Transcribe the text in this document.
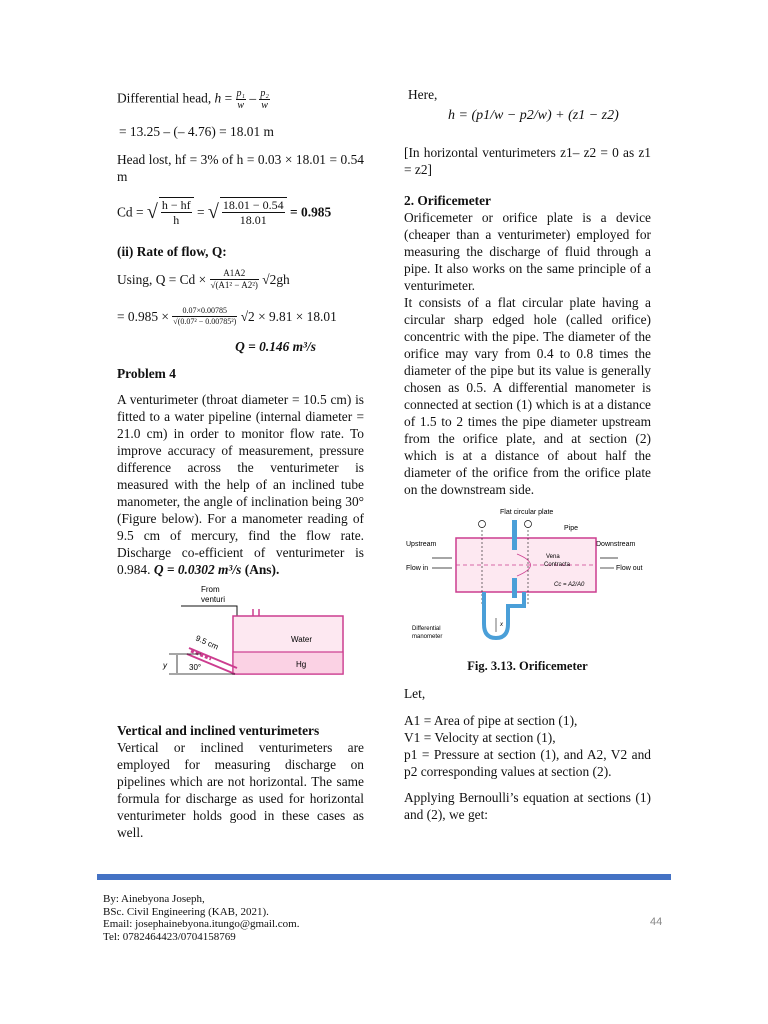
Differential head, $h = \frac{\text{p₁}}{w} - \frac{\text{p₂}}{w}$
= 13.25 – (– 4.76) = 18.01 m
Head lost, hf = 3% of h = 0.03 × 18.01 = 0.54 m
Cd = √ $\frac{h - hf}{h}$ = √ $\frac{18.01 - 0.54}{18.01} = 0.985$
(ii) Rate of flow, Q:
Using, $Q = Cd \times \frac{A1A2}{\text{√(A1² − A2²)}} √2gh$
= $0.985 \times \frac{0.07\times 0.00785}{\text{√(0.07² − 0.00785²)}} √2 \times 9.81 \times 18.01$
Q = 0.146 m³/s
Problem 4
A venturimeter (throat diameter = 10.5 cm) is fitted to a water pipeline (internal diameter = 21.0 cm) in order to monitor flow rate. To improve accuracy of measurement, pressure difference across the venturimeter is measured with the help of an inclined tube manometer, the angle of inclination being 30° (Figure below). For a manometer reading of 9.5 cm of mercury, find the flow rate. Discharge co-efficient of venturimeter is 0.984. Q = 0.0302 m³/s (Ans).
From
venturi
Water
Hg
9.5 cm
y	30°
Vertical and inclined venturimeters
Vertical or inclined venturimeters are employed for measuring discharge on pipelines which are not horizontal. The same formula for discharge as used for horizontal venturimeter holds good in these cases as well.
Here,
h = (p1/w − p2/w) + (z1 − z2)
[In horizontal venturimeters z1– z2 = 0 as z1 = z2]
2. Orificemeter
Orificemeter or orifice plate is a device (cheaper than a venturimeter) employed for measuring the discharge of fluid through a pipe. It also works on the same principle of a venturimeter.
It consists of a flat circular plate having a circular sharp edged hole (called orifice) concentric with the pipe. The diameter of the orifice may vary from 0.4 to 0.8 times the diameter of the pipe but its value is generally chosen as 0.5. A differential manometer is connected at section (1) which is at a distance of 1.5 to 2 times the pipe diameter upstream from the orifice plate, and at section (2) which is at a distance of about half the diameter of the orifice from the orifice plate on the downstream side.
Flat circular plate
Pipe
Upstream	Downstream
Flow in	Flow out
Vena
Contracta
Cc = A2/A0
x
Differential
manometer
Fig. 3.13. Orificemeter
Let,
A1 = Area of pipe at section (1),
V1 = Velocity at section (1),
p1 = Pressure at section (1), and A2, V2 and p2 corresponding values at section (2).
Applying Bernoulli’s equation at sections (1) and (2), we get:
By: Ainebyona Joseph,
BSc. Civil Engineering (KAB, 2021).
Email: josephainebyona.itungo@gmail.com.
Tel: 0782464423/0704158769
44
